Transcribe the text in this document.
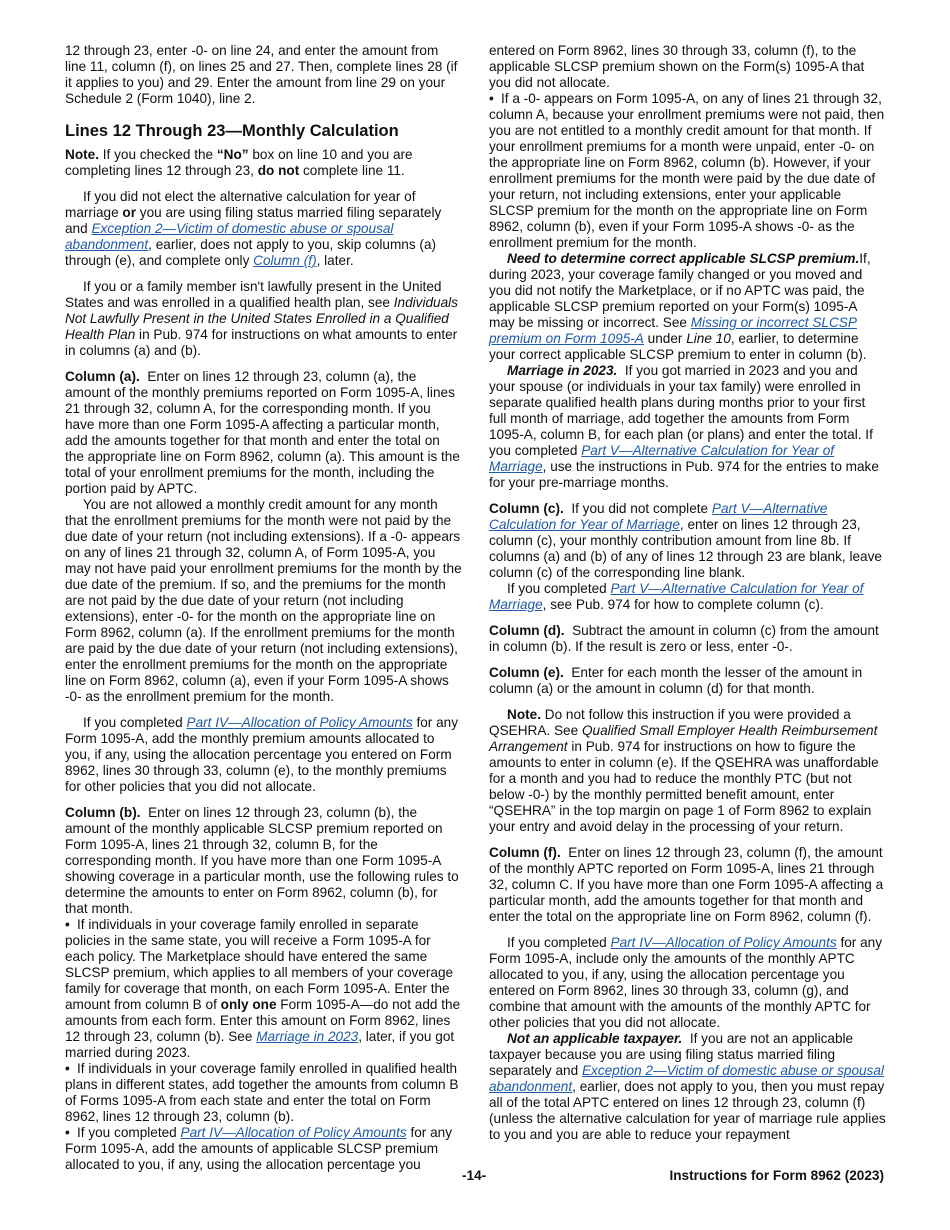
12 through 23, enter -0- on line 24, and enter the amount from line 11, column (f), on lines 25 and 27. Then, complete lines 28 (if it applies to you) and 29. Enter the amount from line 29 on your Schedule 2 (Form 1040), line 2.

Lines 12 Through 23—Monthly Calculation

Note. If you checked the “No” box on line 10 and you are completing lines 12 through 23, do not complete line 11.

If you did not elect the alternative calculation for year of marriage or you are using filing status married filing separately and Exception 2—Victim of domestic abuse or spousal abandonment, earlier, does not apply to you, skip columns (a) through (e), and complete only Column (f), later.

If you or a family member isn't lawfully present in the United States and was enrolled in a qualified health plan, see Individuals Not Lawfully Present in the United States Enrolled in a Qualified Health Plan in Pub. 974 for instructions on what amounts to enter in columns (a) and (b).

Column (a). Enter on lines 12 through 23, column (a), the amount of the monthly premiums reported on Form 1095-A, lines 21 through 32, column A, for the corresponding month. If you have more than one Form 1095-A affecting a particular month, add the amounts together for that month and enter the total on the appropriate line on Form 8962, column (a). This amount is the total of your enrollment premiums for the month, including the portion paid by APTC.

You are not allowed a monthly credit amount for any month that the enrollment premiums for the month were not paid by the due date of your return (not including extensions). If a -0- appears on any of lines 21 through 32, column A, of Form 1095-A, you may not have paid your enrollment premiums for the month by the due date of the premium. If so, and the premiums for the month are not paid by the due date of your return (not including extensions), enter -0- for the month on the appropriate line on Form 8962, column (a). If the enrollment premiums for the month are paid by the due date of your return (not including extensions), enter the enrollment premiums for the month on the appropriate line on Form 8962, column (a), even if your Form 1095-A shows -0- as the enrollment premium for the month.

If you completed Part IV—Allocation of Policy Amounts for any Form 1095-A, add the monthly premium amounts allocated to you, if any, using the allocation percentage you entered on Form 8962, lines 30 through 33, column (e), to the monthly premiums for other policies that you did not allocate.

Column (b). Enter on lines 12 through 23, column (b), the amount of the monthly applicable SLCSP premium reported on Form 1095-A, lines 21 through 32, column B, for the corresponding month. If you have more than one Form 1095-A showing coverage in a particular month, use the following rules to determine the amounts to enter on Form 8962, column (b), for that month.

• If individuals in your coverage family enrolled in separate policies in the same state, you will receive a Form 1095-A for each policy. The Marketplace should have entered the same SLCSP premium, which applies to all members of your coverage family for coverage that month, on each Form 1095-A. Enter the amount from column B of only one Form 1095-A—do not add the amounts from each form. Enter this amount on Form 8962, lines 12 through 23, column (b). See Marriage in 2023, later, if you got married during 2023.

• If individuals in your coverage family enrolled in qualified health plans in different states, add together the amounts from column B of Forms 1095-A from each state and enter the total on Form 8962, lines 12 through 23, column (b).

• If you completed Part IV—Allocation of Policy Amounts for any Form 1095-A, add the amounts of applicable SLCSP premium allocated to you, if any, using the allocation percentage you

entered on Form 8962, lines 30 through 33, column (f), to the applicable SLCSP premium shown on the Form(s) 1095-A that you did not allocate.

• If a -0- appears on Form 1095-A, on any of lines 21 through 32, column A, because your enrollment premiums were not paid, then you are not entitled to a monthly credit amount for that month. If your enrollment premiums for a month were unpaid, enter -0- on the appropriate line on Form 8962, column (b). However, if your enrollment premiums for the month were paid by the due date of your return, not including extensions, enter your applicable SLCSP premium for the month on the appropriate line on Form 8962, column (b), even if your Form 1095-A shows -0- as the enrollment premium for the month.

Need to determine correct applicable SLCSP premium.If, during 2023, your coverage family changed or you moved and you did not notify the Marketplace, or if no APTC was paid, the applicable SLCSP premium reported on your Form(s) 1095-A may be missing or incorrect. See Missing or incorrect SLCSP premium on Form 1095-A under Line 10, earlier, to determine your correct applicable SLCSP premium to enter in column (b).

Marriage in 2023. If you got married in 2023 and you and your spouse (or individuals in your tax family) were enrolled in separate qualified health plans during months prior to your first full month of marriage, add together the amounts from Form 1095-A, column B, for each plan (or plans) and enter the total. If you completed Part V—Alternative Calculation for Year of Marriage, use the instructions in Pub. 974 for the entries to make for your pre-marriage months.

Column (c). If you did not complete Part V—Alternative Calculation for Year of Marriage, enter on lines 12 through 23, column (c), your monthly contribution amount from line 8b. If columns (a) and (b) of any of lines 12 through 23 are blank, leave column (c) of the corresponding line blank.

If you completed Part V—Alternative Calculation for Year of Marriage, see Pub. 974 for how to complete column (c).

Column (d). Subtract the amount in column (c) from the amount in column (b). If the result is zero or less, enter -0-.

Column (e). Enter for each month the lesser of the amount in column (a) or the amount in column (d) for that month.

Note. Do not follow this instruction if you were provided a QSEHRA. See Qualified Small Employer Health Reimbursement Arrangement in Pub. 974 for instructions on how to figure the amounts to enter in column (e). If the QSEHRA was unaffordable for a month and you had to reduce the monthly PTC (but not below -0-) by the monthly permitted benefit amount, enter “QSEHRA” in the top margin on page 1 of Form 8962 to explain your entry and avoid delay in the processing of your return.

Column (f). Enter on lines 12 through 23, column (f), the amount of the monthly APTC reported on Form 1095-A, lines 21 through 32, column C. If you have more than one Form 1095-A affecting a particular month, add the amounts together for that month and enter the total on the appropriate line on Form 8962, column (f).

If you completed Part IV—Allocation of Policy Amounts for any Form 1095-A, include only the amounts of the monthly APTC allocated to you, if any, using the allocation percentage you entered on Form 8962, lines 30 through 33, column (g), and combine that amount with the amounts of the monthly APTC for other policies that you did not allocate.

Not an applicable taxpayer. If you are not an applicable taxpayer because you are using filing status married filing separately and Exception 2—Victim of domestic abuse or spousal abandonment, earlier, does not apply to you, then you must repay all of the total APTC entered on lines 12 through 23, column (f) (unless the alternative calculation for year of marriage rule applies to you and you are able to reduce your repayment

-14-	Instructions for Form 8962 (2023)
